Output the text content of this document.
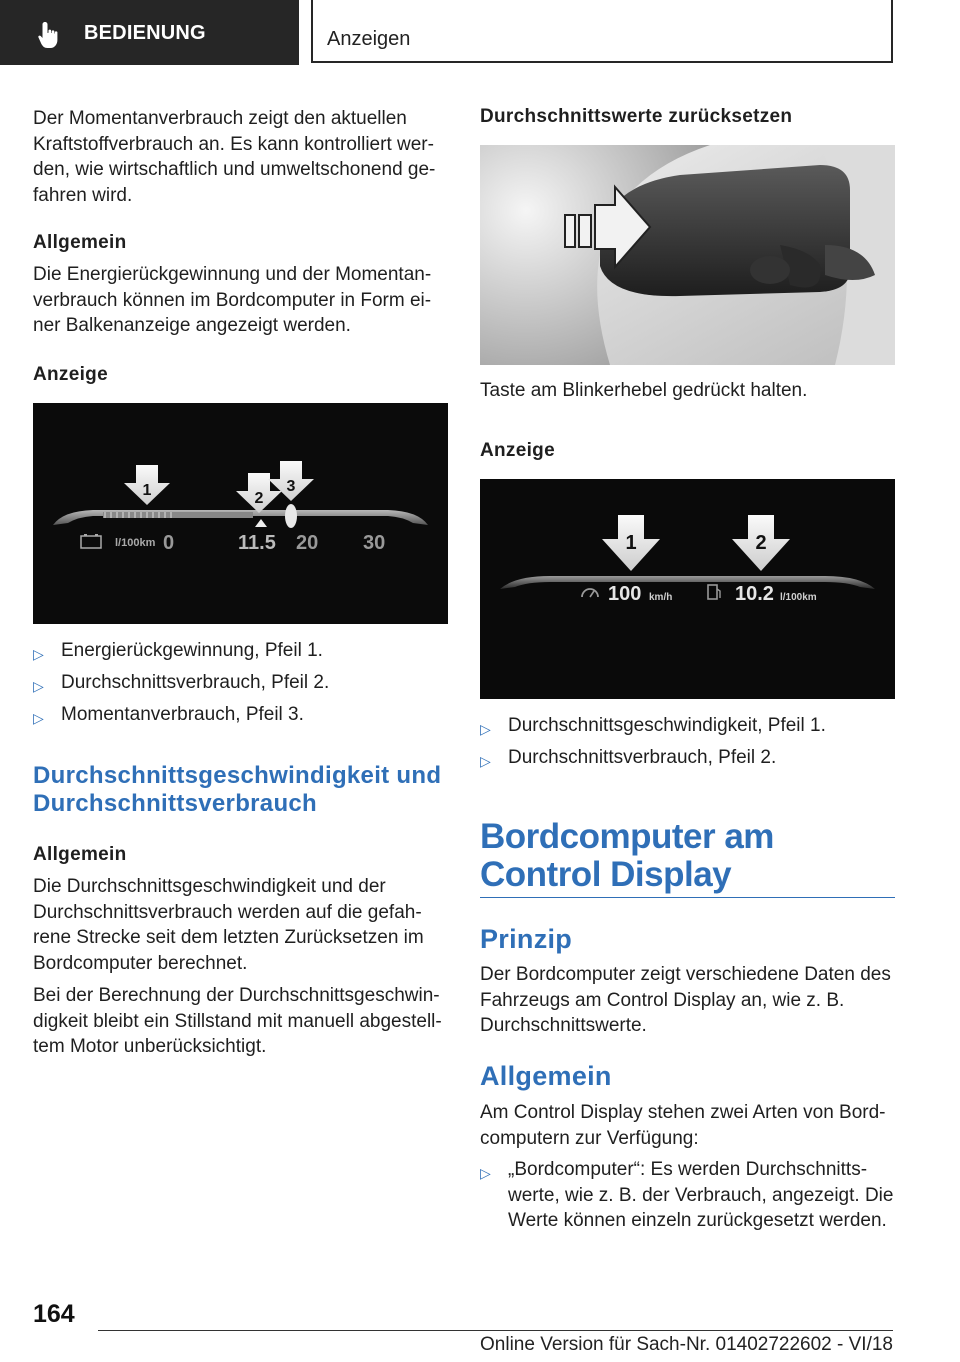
BEDIENUNG	Anzeigen

Der Momentanverbrauch zeigt den aktuellen Kraftstoffverbrauch an. Es kann kontrolliert wer-den, wie wirtschaftlich und umweltschonend ge-fahren wird.

Allgemein

Die Energierückgewinnung und der Momentan-verbrauch können im Bordcomputer in Form ei-ner Balkenanzeige angezeigt werden.

Anzeige

1	2
3
l/100km 0	11.5 20 30
▷ Energierückgewinnung, Pfeil 1.
▷ Durchschnittsverbrauch, Pfeil 2.
▷ Momentanverbrauch, Pfeil 3.

Durchschnittsgeschwindigkeit und Durchschnittsverbrauch

Allgemein

Die Durchschnittsgeschwindigkeit und der Durchschnittsverbrauch werden auf die gefah-rene Strecke seit dem letzten Zurücksetzen im Bordcomputer berechnet.

Bei der Berechnung der Durchschnittsgeschwin-digkeit bleibt ein Stillstand mit manuell abgestell-tem Motor unberücksichtigt.

Durchschnittswerte zurücksetzen

Taste am Blinkerhebel gedrückt halten.

Anzeige

1	2
100 km/h	10.2 l/100km
▷ Durchschnittsgeschwindigkeit, Pfeil 1.
▷ Durchschnittsverbrauch, Pfeil 2.

Bordcomputer am Control Display

Prinzip

Der Bordcomputer zeigt verschiedene Daten des Fahrzeugs am Control Display an, wie z. B. Durchschnittswerte.

Allgemein

Am Control Display stehen zwei Arten von Bord-computern zur Verfügung:

▷ „Bordcomputer“: Es werden Durchschnitts-werte, wie z. B. der Verbrauch, angezeigt. Die Werte können einzeln zurückgesetzt werden.
164
Online Version für Sach-Nr. 01402722602 - VI/18
